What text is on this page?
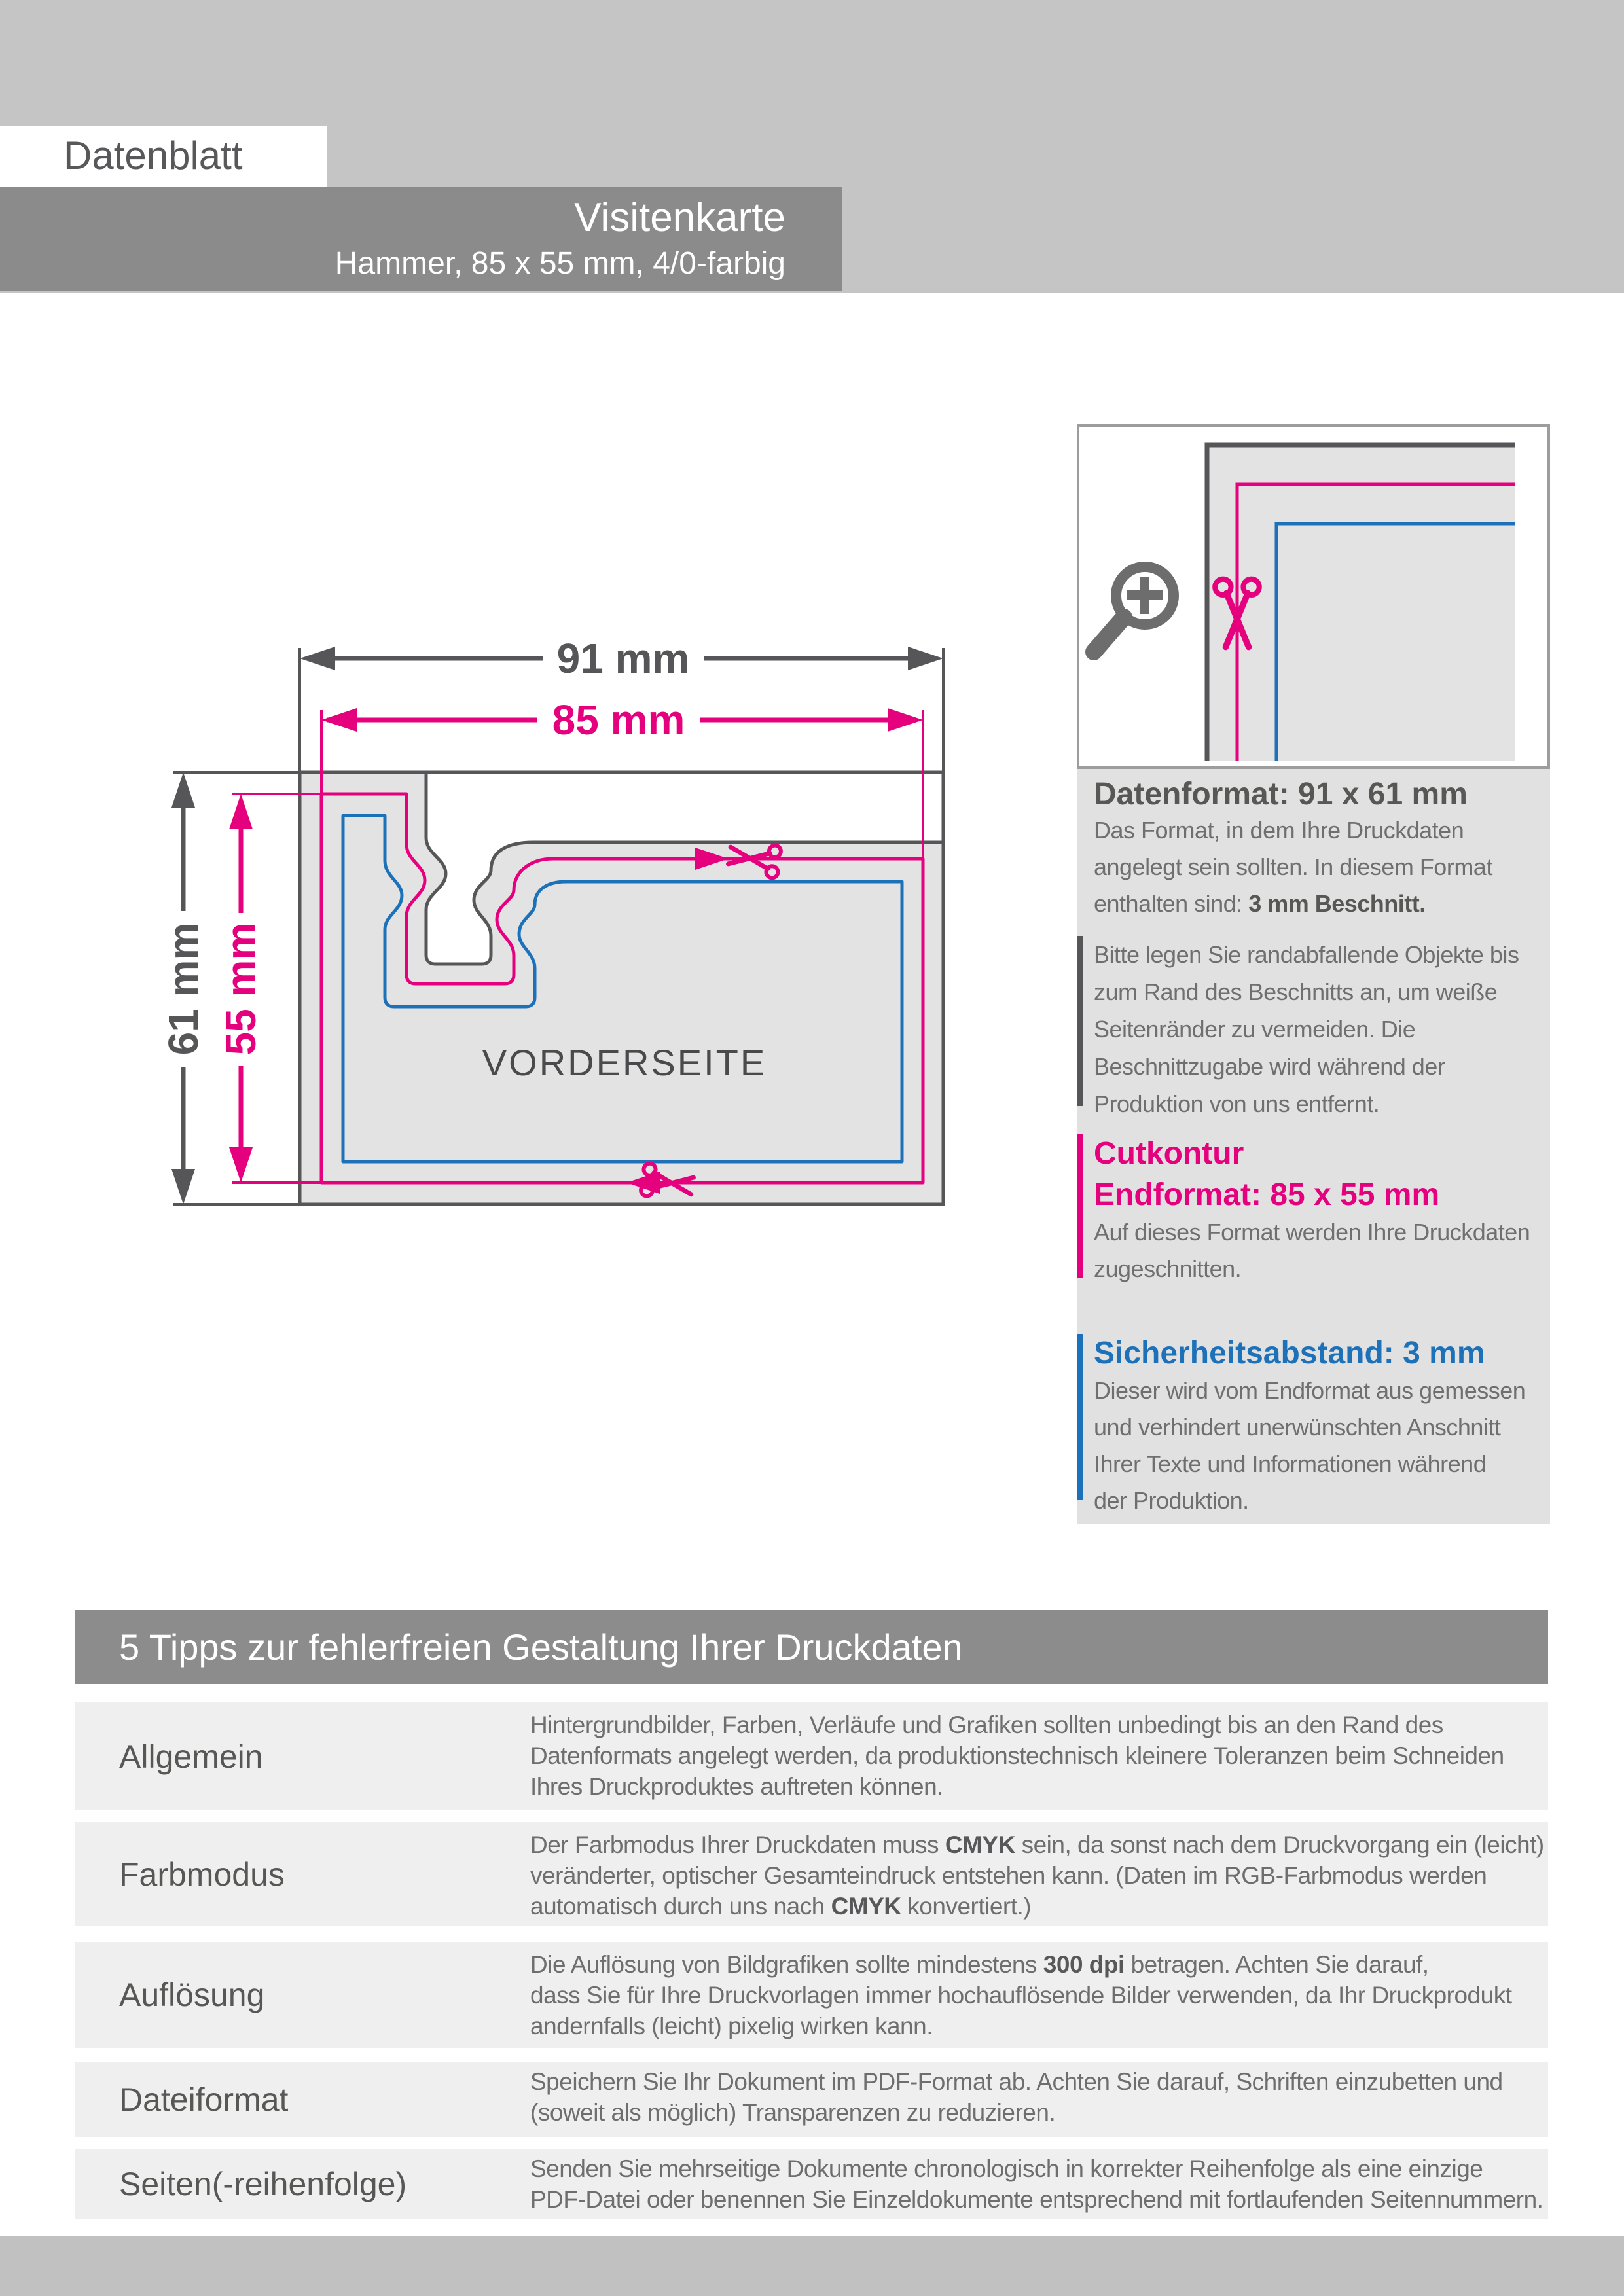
Datenblatt
Visitenkarte
Hammer, 85 x 55 mm, 4/0-farbig
91 mm
85 mm
61 mm 55 mm
VORDERSEITE
Datenformat: 91 x 61 mm
Das Format, in dem Ihre Druckdaten
angelegt sein sollten. In diesem Format
enthalten sind: 3 mm Beschnitt.
Bitte legen Sie randabfallende Objekte bis
zum Rand des Beschnitts an, um weiße
Seitenränder zu vermeiden. Die
Beschnittzugabe wird während der
Produktion von uns entfernt.
Cutkontur
Endformat: 85 x 55 mm
Auf dieses Format werden Ihre Druckdaten
zugeschnitten.
Sicherheitsabstand: 3 mm
Dieser wird vom Endformat aus gemessen
und verhindert unerwünschten Anschnitt
Ihrer Texte und Informationen während
der Produktion.
5 Tipps zur fehlerfreien Gestaltung Ihrer Druckdaten
Allgemein
Hintergrundbilder, Farben, Verläufe und Grafiken sollten unbedingt bis an den Rand des
Datenformats angelegt werden, da produktionstechnisch kleinere Toleranzen beim Schneiden
Ihres Druckproduktes auftreten können.
Farbmodus
Der Farbmodus Ihrer Druckdaten muss CMYK sein, da sonst nach dem Druckvorgang ein (leicht)
veränderter, optischer Gesamteindruck entstehen kann. (Daten im RGB-Farbmodus werden
automatisch durch uns nach CMYK konvertiert.)
Auflösung
Die Auflösung von Bildgrafiken sollte mindestens 300 dpi betragen. Achten Sie darauf,
dass Sie für Ihre Druckvorlagen immer hochauflösende Bilder verwenden, da Ihr Druckprodukt
andernfalls (leicht) pixelig wirken kann.
Dateiformat	Speichern Sie Ihr Dokument im PDF-Format ab. Achten Sie darauf, Schriften einzubetten und
(soweit als möglich) Transparenzen zu reduzieren.
Seiten(-reihenfolge)	Senden Sie mehrseitige Dokumente chronologisch in korrekter Reihenfolge als eine einzige
PDF-Datei oder benennen Sie Einzeldokumente entsprechend mit fortlaufenden Seitennummern.
